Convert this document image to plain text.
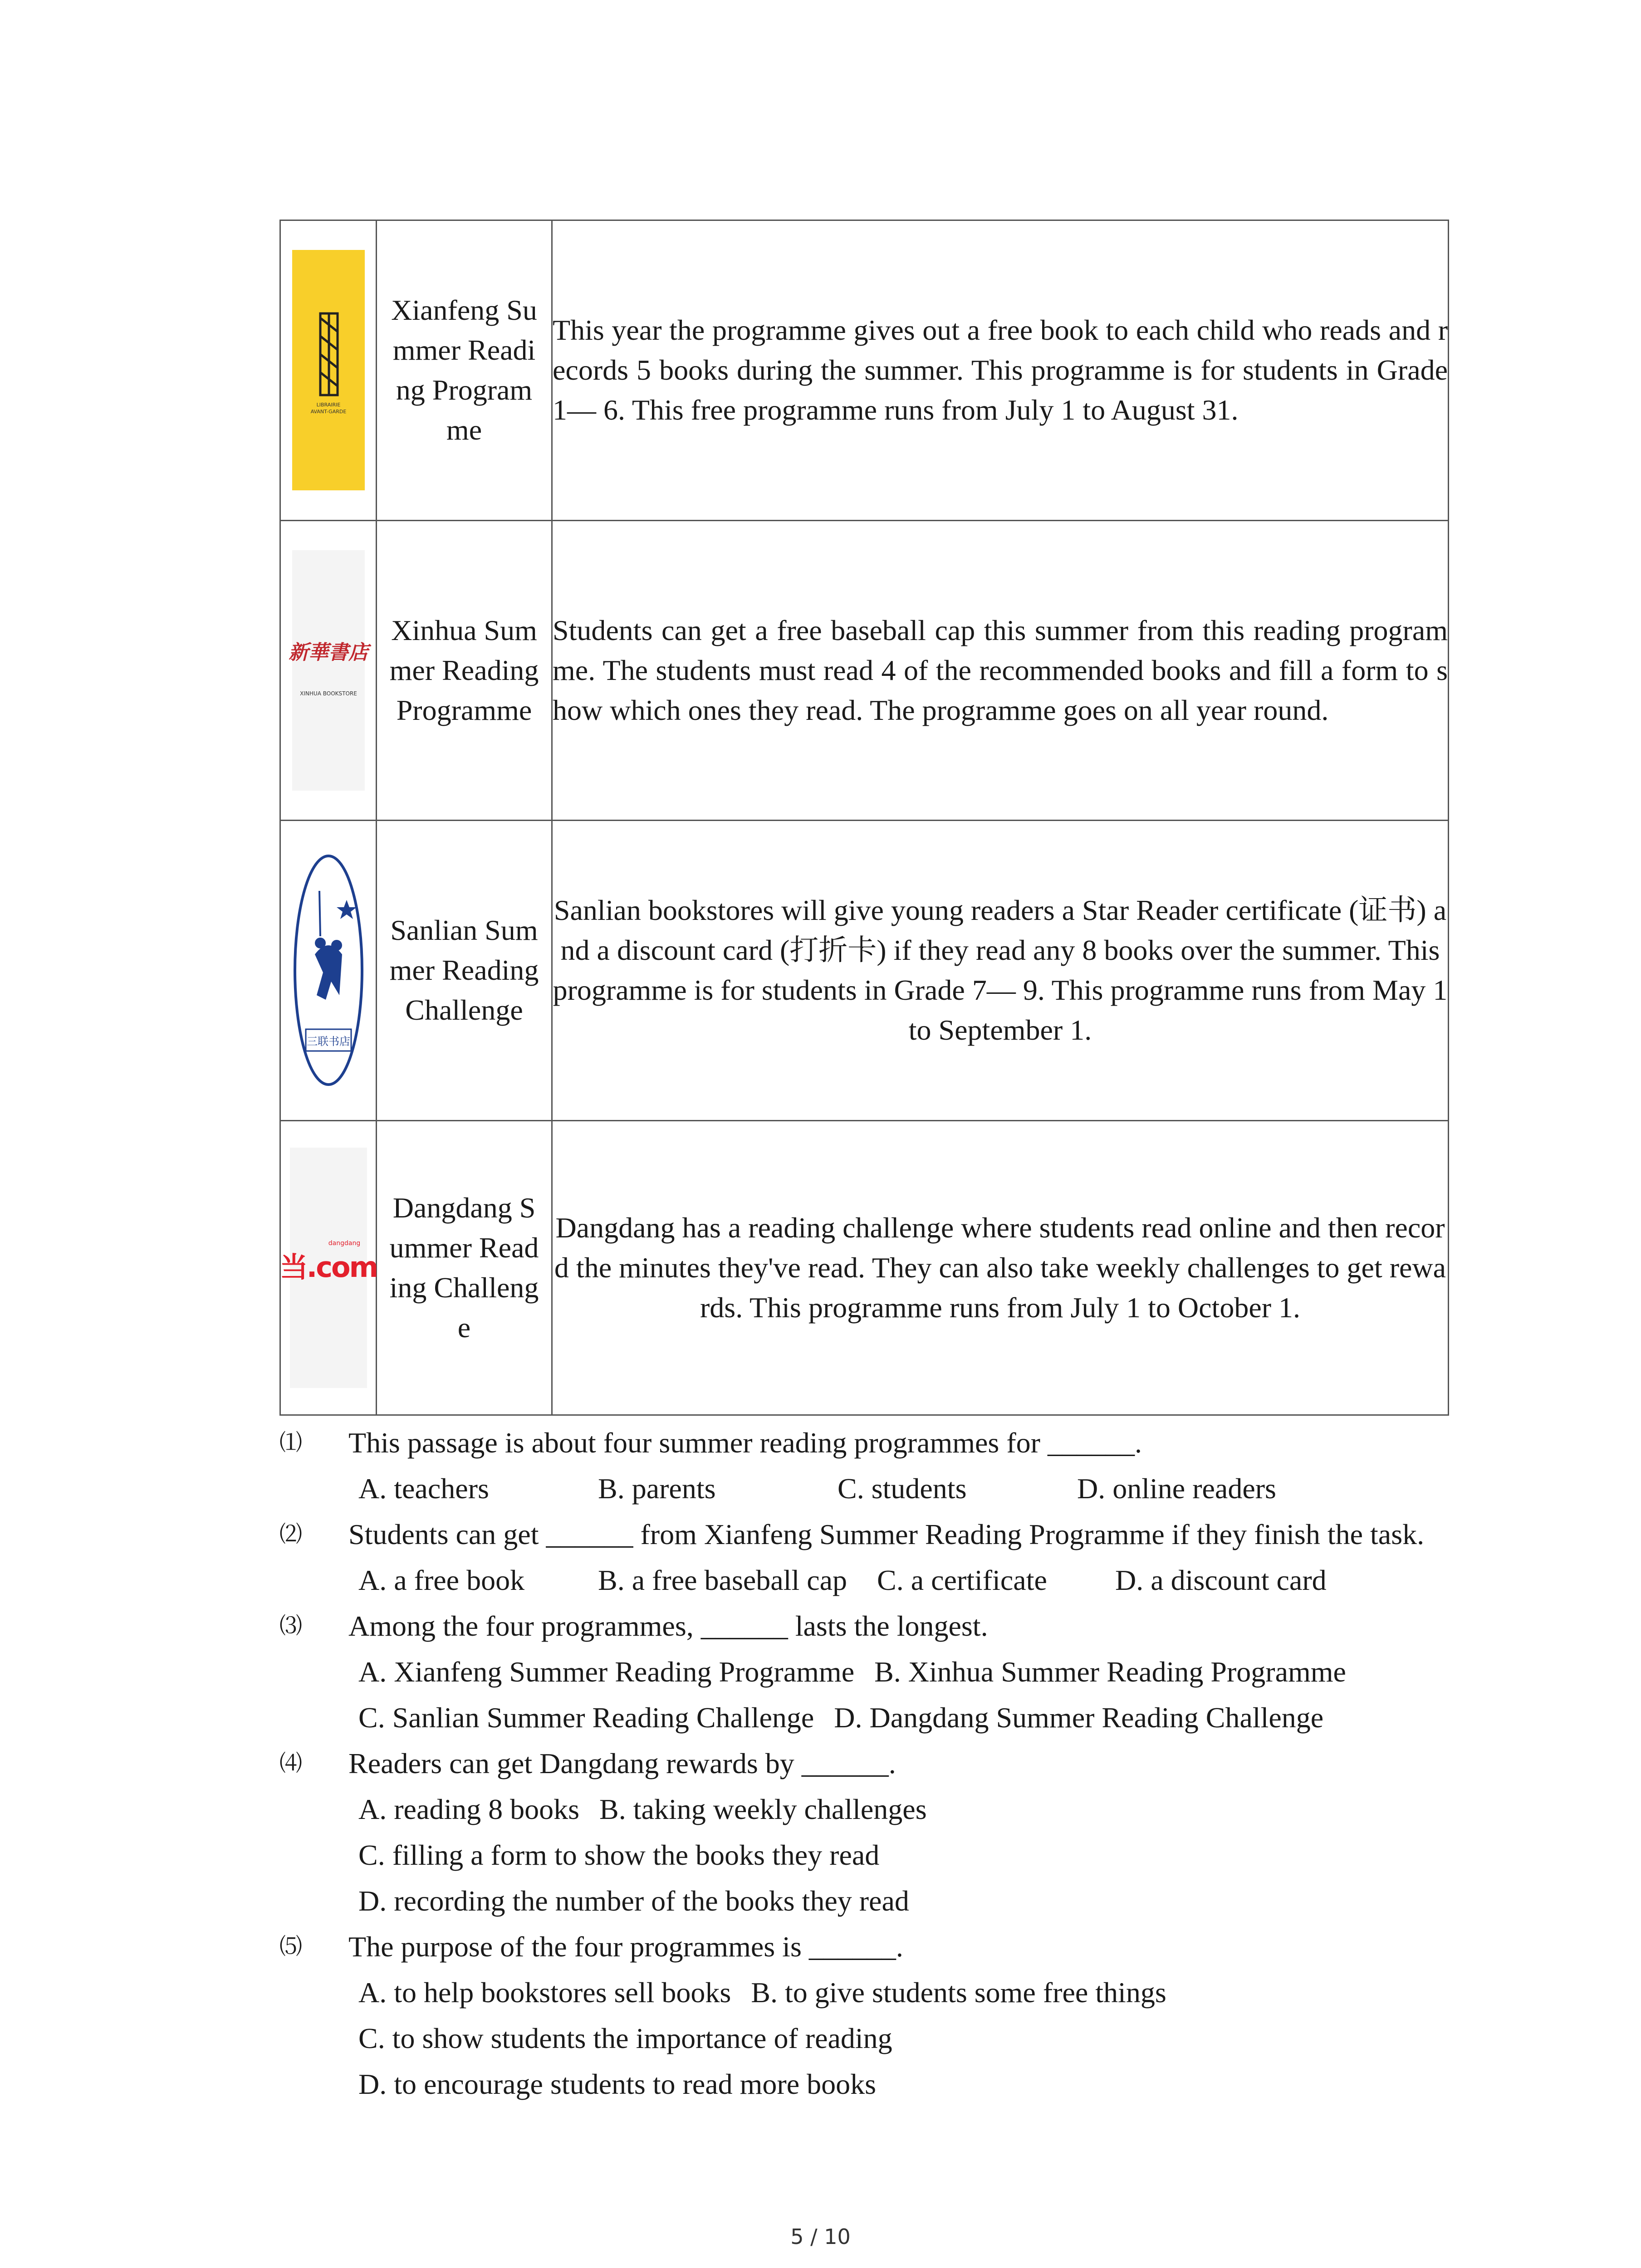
LIBRAIRIE
AVANT-GARDE	Xianfeng Summer Reading Programme	This year the programme gives out a free book to each child who reads and records 5 books during the summer. This programme is for students in Grade 1— 6. This free programme runs from July 1 to August 31.

新華書店
XINHUA BOOKSTORE	Xinhua Summer Reading Programme	Students can get a free baseball cap this summer from this reading programme. The students must read 4 of the recommended books and fill a form to show which ones they read. The programme goes on all year round.

三联书店	Sanlian Summer Reading Challenge	Sanlian bookstores will give young readers a Star Reader certificate (证书) and a discount card (打折卡) if they read any 8 books over the summer. This programme is for students in Grade 7— 9. This programme runs from May 1 to September 1.

dangdang
当.com	Dangdang Summer Reading Challenge	Dangdang has a reading challenge where students read online and then record the minutes they've read. They can also take weekly challenges to get rewards. This programme runs from July 1 to October 1.
⑴ This passage is about four summer reading programmes for ______.
A. teachers	B. parents	C. students	D. online readers
⑵ Students can get ______ from Xianfeng Summer Reading Programme if they finish the task.
A. a free book	B. a free baseball cap C. a certificate D. a discount card
⑶ Among the four programmes, ______ lasts the longest.
A. Xianfeng Summer Reading Programme B. Xinhua Summer Reading Programme
C. Sanlian Summer Reading Challenge D. Dangdang Summer Reading Challenge
⑷ Readers can get Dangdang rewards by ______.
A. reading 8 books B. taking weekly challenges
C. filling a form to show the books they read
D. recording the number of the books they read
⑸ The purpose of the four programmes is ______.
A. to help bookstores sell books B. to give students some free things
C. to show students the importance of reading
D. to encourage students to read more books
5 / 10
